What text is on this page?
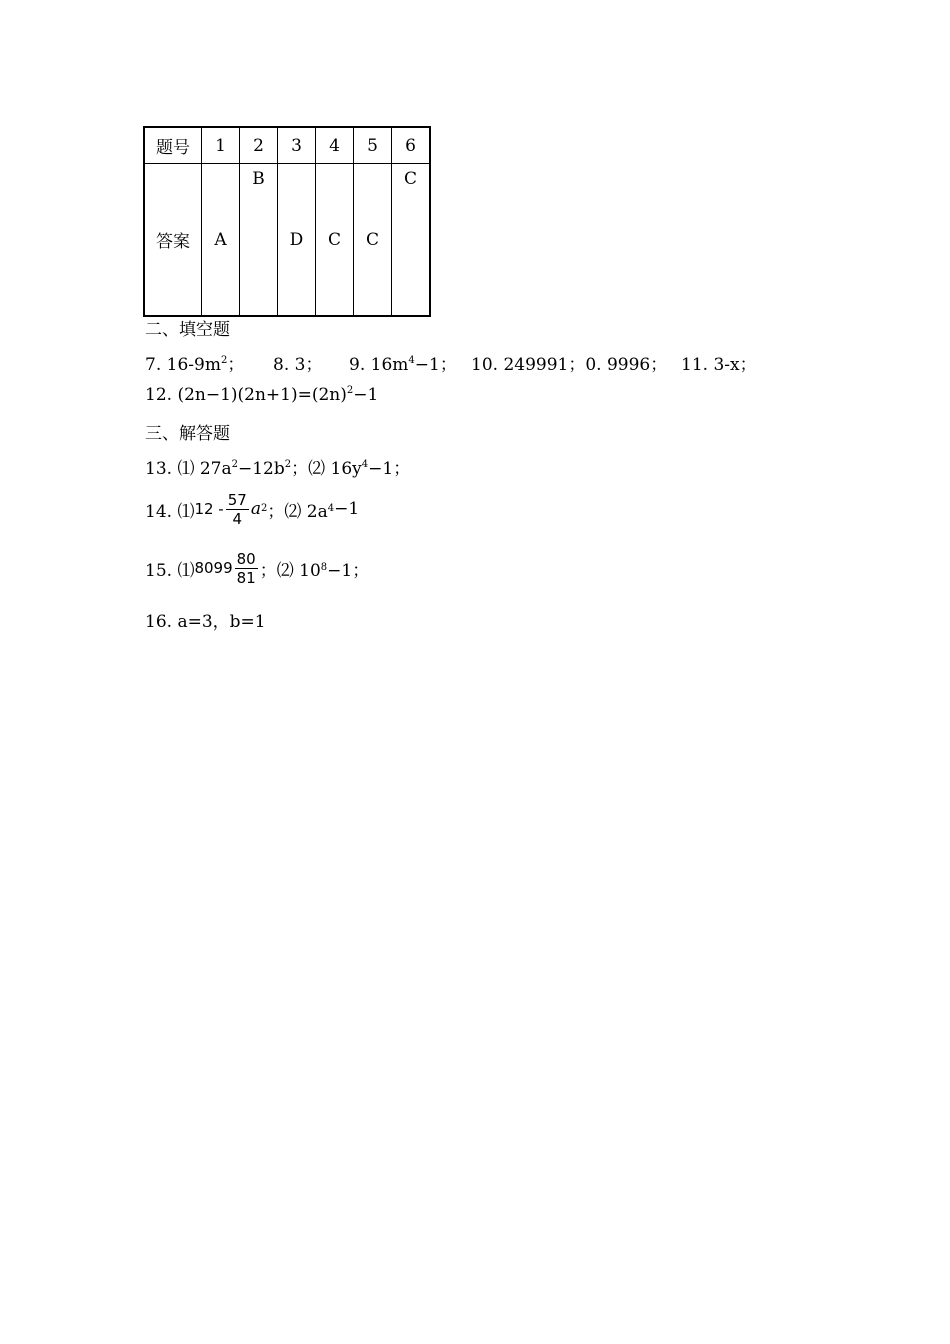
题号	1	2	3	4	5	6
答案	A	B	D	C	C	C
二、填空题
7. $16-9m^2$； 8. 3； 9. $16m^4-1$； 10. 249991；0. 9996； 11. 3-x；
12. $(2n-1)(2n+1)=(2n)^2-1$
三、解答题
13. ⑴ $27a^2-12b^2$；⑵ $16y^4-1$；
14. ⑴ $12 - \frac{57}{4}$ a 2 ；⑵ 2a 4 −1
15. ⑴ $8099 \frac{80}{81}$ ；⑵ 10 8 −1；
16. a=3，b=1
